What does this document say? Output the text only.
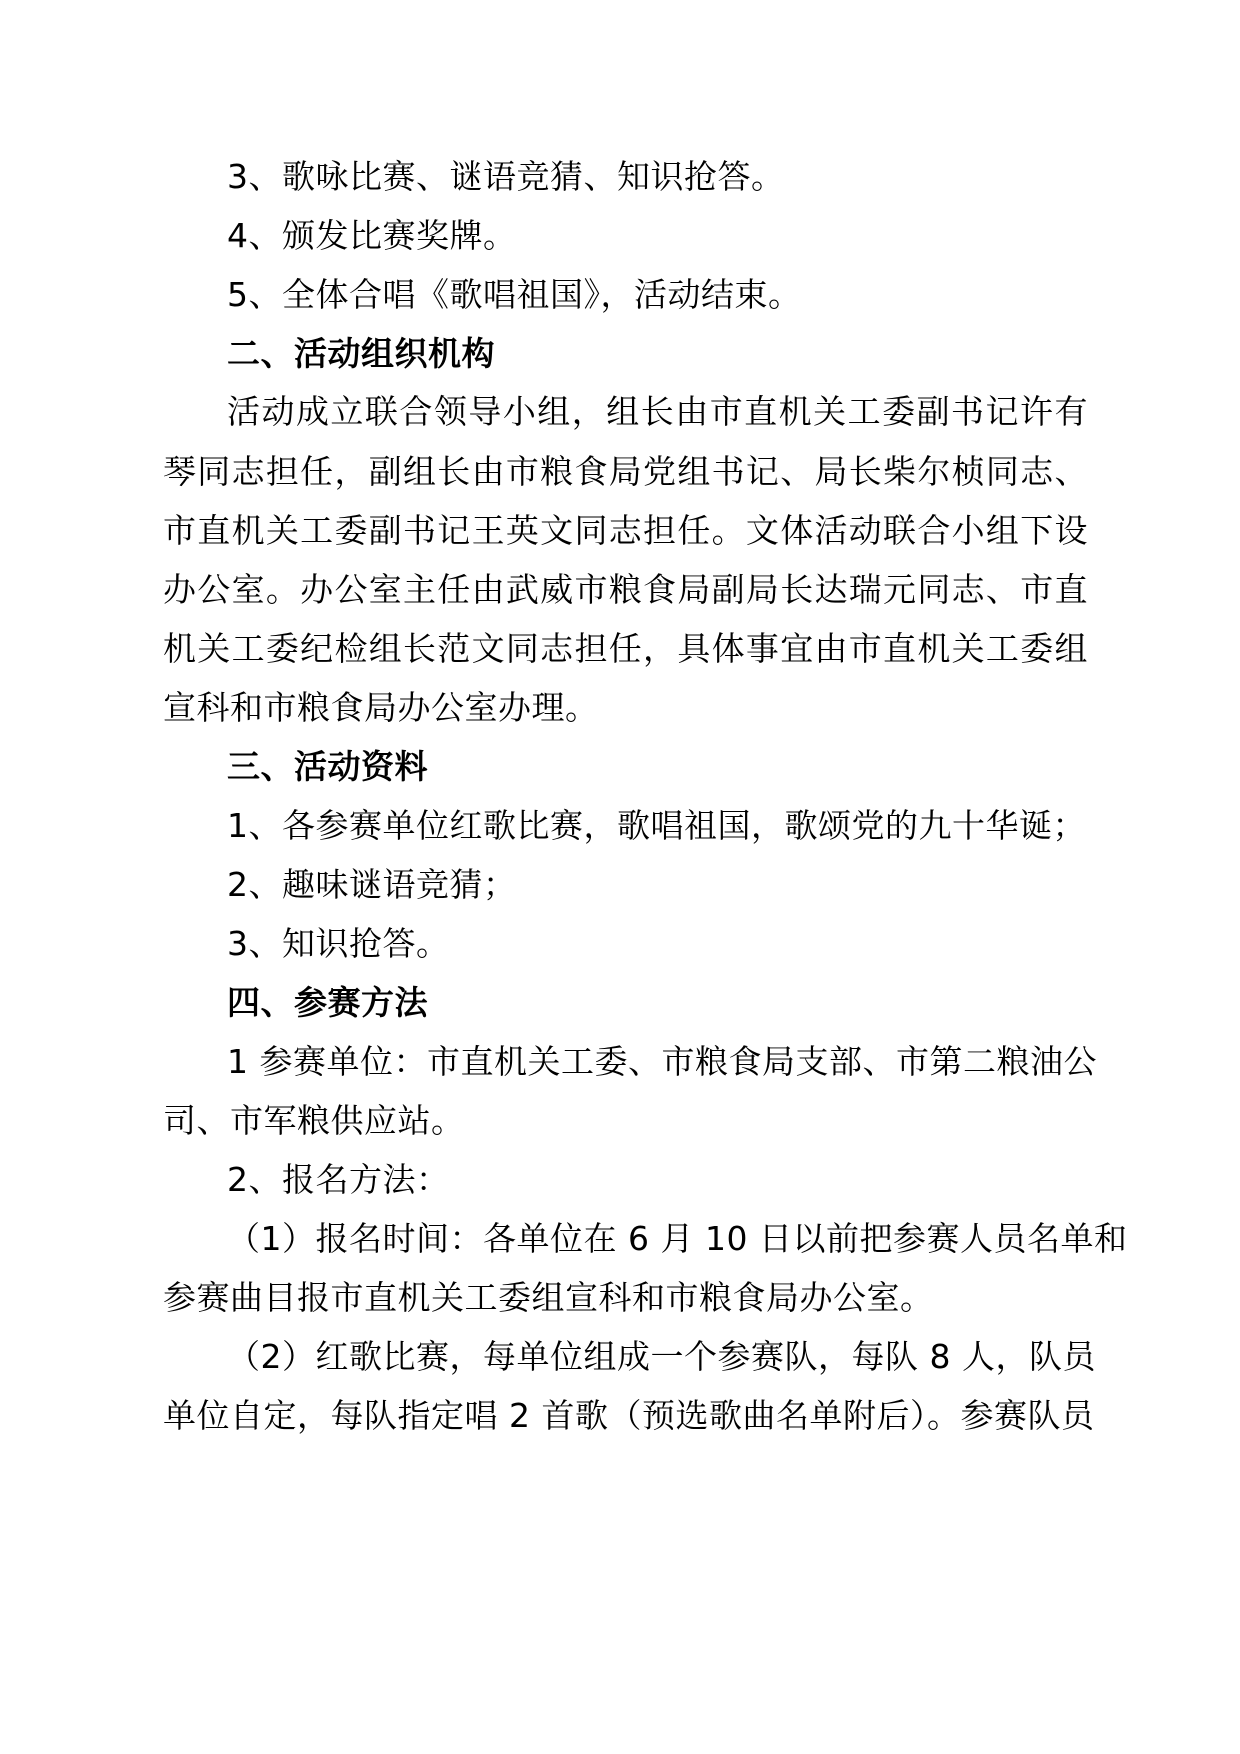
3、歌咏比赛、谜语竞猜、知识抢答。
4、颁发比赛奖牌。
5、全体合唱《歌唱祖国》，活动结束。
二、活动组织机构
活动成立联合领导小组，组长由市直机关工委副书记许有
琴同志担任，副组长由市粮食局党组书记、局长柴尔桢同志、
市直机关工委副书记王英文同志担任。文体活动联合小组下设
办公室。办公室主任由武威市粮食局副局长达瑞元同志、市直
机关工委纪检组长范文同志担任，具体事宜由市直机关工委组
宣科和市粮食局办公室办理。
三、活动资料
1、各参赛单位红歌比赛，歌唱祖国，歌颂党的九十华诞；
2、趣味谜语竞猜；
3、知识抢答。
四、参赛方法
1 参赛单位：市直机关工委、市粮食局支部、市第二粮油公
司、市军粮供应站。
2、报名方法：
（1）报名时间：各单位在 6 月 10 日以前把参赛人员名单和
参赛曲目报市直机关工委组宣科和市粮食局办公室。
（2）红歌比赛，每单位组成一个参赛队，每队 8 人，队员
单位自定，每队指定唱 2 首歌（预选歌曲名单附后）。参赛队员
